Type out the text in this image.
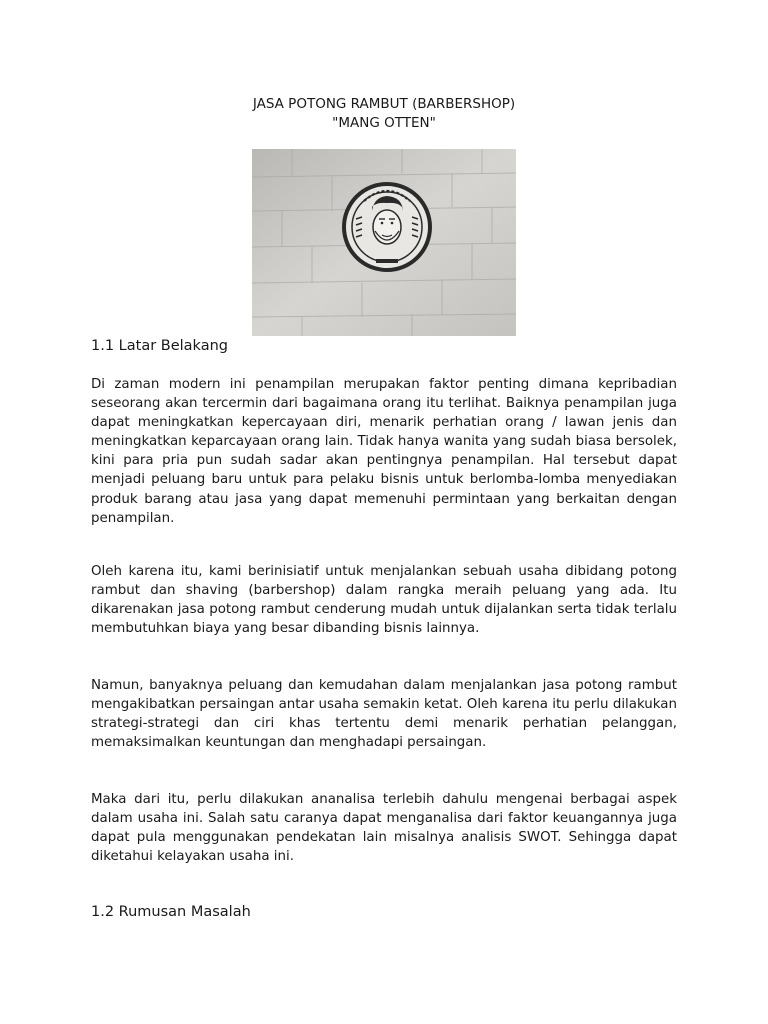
JASA POTONG RAMBUT (BARBERSHOP)
"MANG OTTEN"
1.1 Latar Belakang

Di zaman modern ini penampilan merupakan faktor penting dimana kepribadian seseorang akan tercermin dari bagaimana orang itu terlihat. Baiknya penampilan juga dapat meningkatkan kepercayaan diri, menarik perhatian orang / lawan jenis dan meningkatkan keparcayaan orang lain. Tidak hanya wanita yang sudah biasa bersolek, kini para pria pun sudah sadar akan pentingnya penampilan. Hal tersebut dapat menjadi peluang baru untuk para pelaku bisnis untuk berlomba-lomba menyediakan produk barang atau jasa yang dapat memenuhi permintaan yang berkaitan dengan penampilan.

Oleh karena itu, kami berinisiatif untuk menjalankan sebuah usaha dibidang potong rambut dan shaving (barbershop) dalam rangka meraih peluang yang ada. Itu dikarenakan jasa potong rambut cenderung mudah untuk dijalankan serta tidak terlalu membutuhkan biaya yang besar dibanding bisnis lainnya.

Namun, banyaknya peluang dan kemudahan dalam menjalankan jasa potong rambut mengakibatkan persaingan antar usaha semakin ketat. Oleh karena itu perlu dilakukan strategi-strategi dan ciri khas tertentu demi menarik perhatian pelanggan, memaksimalkan keuntungan dan menghadapi persaingan.

Maka dari itu, perlu dilakukan ananalisa terlebih dahulu mengenai berbagai aspek dalam usaha ini. Salah satu caranya dapat menganalisa dari faktor keuangannya juga dapat pula menggunakan pendekatan lain misalnya analisis SWOT. Sehingga dapat diketahui kelayakan usaha ini.

1.2 Rumusan Masalah
